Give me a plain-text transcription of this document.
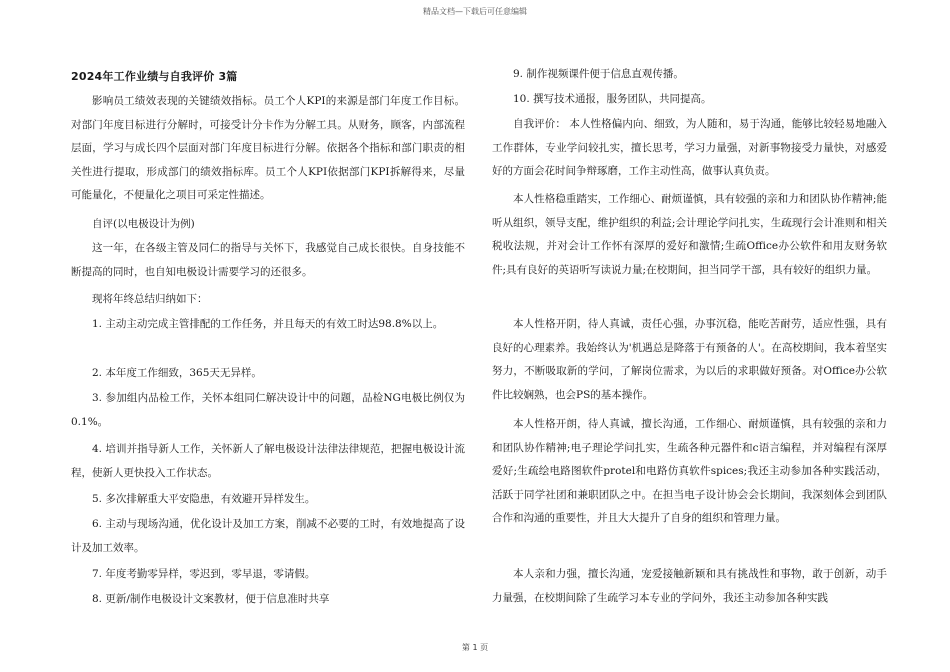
精品文档—下载后可任意编辑
2024年工作业绩与自我评价 3篇

影响员工绩效表现的关键绩效指标。员工个人KPI的来源是部门年度工作目标。对部门年度目标进行分解时，可接受计分卡作为分解工具。从财务，顾客，内部流程层面，学习与成长四个层面对部门年度目标进行分解。依据各个指标和部门职责的相关性进行提取，形成部门的绩效指标库。员工个人KPI依据部门KPI拆解得来，尽量可能量化，不便量化之项目可采定性描述。

自评(以电极设计为例)

这一年，在各级主管及同仁的指导与关怀下，我感觉自己成长很快。自身技能不断提高的同时，也自知电极设计需要学习的还很多。

现将年终总结归纳如下：

1. 主动主动完成主管排配的工作任务，并且每天的有效工时达98.8%以上。

2. 本年度工作细致，365天无异样。

3. 参加组内品检工作，关怀本组同仁解决设计中的问题，品检NG电极比例仅为0.1%。

4. 培训并指导新人工作，关怀新人了解电极设计法律法律规范，把握电极设计流程，使新人更快投入工作状态。

5. 多次排解重大平安隐患，有效避开异样发生。

6. 主动与现场沟通，优化设计及加工方案，削减不必要的工时，有效地提高了设计及加工效率。

7. 年度考勤零异样，零迟到，零早退，零请假。

8. 更新/制作电极设计文案教材，便于信息准时共享

9. 制作视频课件便于信息直观传播。

10. 撰写技术通报，服务团队，共同提高。

自我评价： 本人性格偏内向、细致，为人随和，易于沟通，能够比较轻易地融入工作群体，专业学问较扎实，擅长思考，学习力量强，对新事物接受力量快，对感爱好的方面会花时间争辩琢磨，工作主动性高，做事认真负责。

本人性格稳重踏实，工作细心、耐烦谨慎，具有较强的亲和力和团队协作精神;能听从组织，领导支配，维护组织的利益;会计理论学问扎实，生疏现行会计准则和相关税收法规，并对会计工作怀有深厚的爱好和激情;生疏Office办公软件和用友财务软件;具有良好的英语听写读说力量;在校期间，担当同学干部，具有较好的组织力量。

本人性格开阴，待人真诚，责任心强，办事沉稳，能吃苦耐劳，适应性强，具有良好的心理素养。我始终认为'机遇总是降落于有预备的人'。在高校期间，我本着坚实努力，不断吸取新的学问，了解岗位需求，为以后的求职做好预备。对Office办公软件比较娴熟，也会PS的基本操作。

本人性格开朗，待人真诚，擅长沟通，工作细心、耐烦谨慎，具有较强的亲和力和团队协作精神;电子理论学问扎实，生疏各种元器件和c语言编程，并对编程有深厚爱好;生疏绘电路图软件protel和电路仿真软件spices;我还主动参加各种实践活动，活跃于同学社团和兼职团队之中。在担当电子设计协会会长期间，我深刻体会到团队合作和沟通的重要性，并且大大提升了自身的组织和管理力量。

本人亲和力强，擅长沟通，宠爱接触新颖和具有挑战性和事物，敢于创新，动手力量强，在校期间除了生疏学习本专业的学问外，我还主动参加各种实践

第 1 页
